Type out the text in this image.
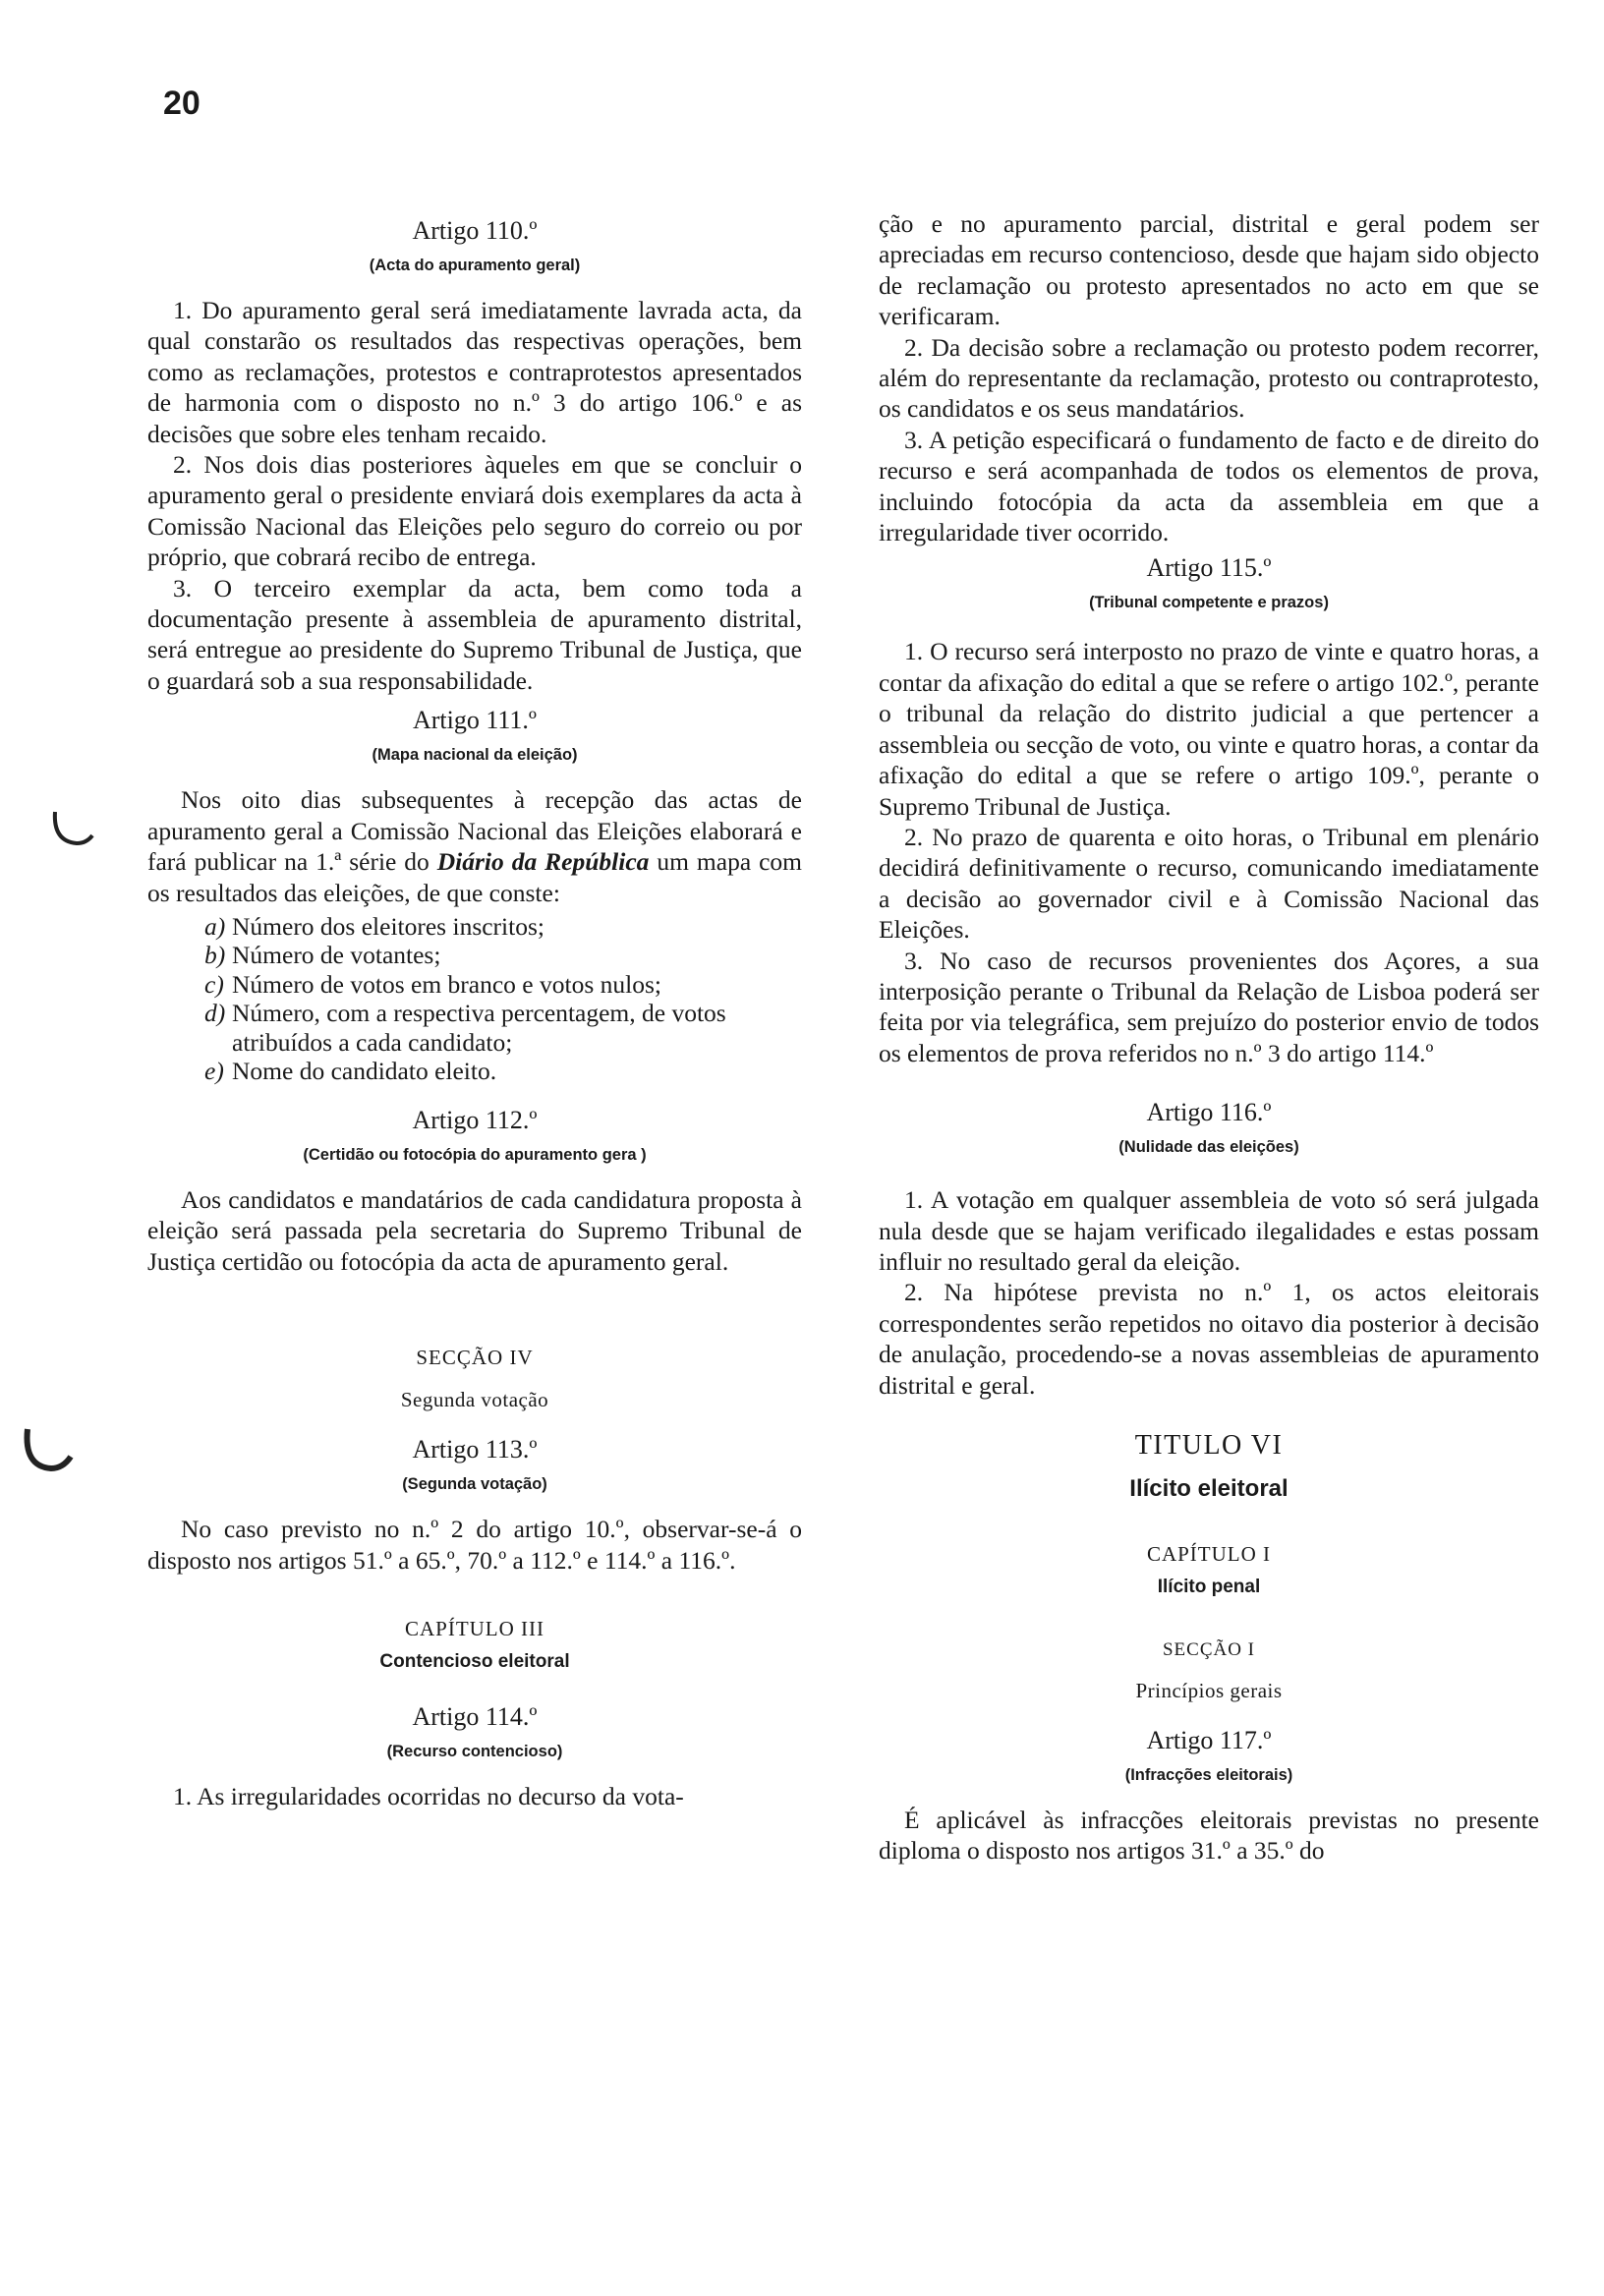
20
Artigo 110.º
(Acta do apuramento geral)

1. Do apuramento geral será imediatamente lavrada acta, da qual constarão os resultados das respectivas operações, bem como as reclamações, protestos e contraprotestos apresentados de harmonia com o disposto no n.º 3 do artigo 106.º e as decisões que sobre eles tenham recaido.

2. Nos dois dias posteriores àqueles em que se concluir o apuramento geral o presidente enviará dois exemplares da acta à Comissão Nacional das Eleições pelo seguro do correio ou por próprio, que cobrará recibo de entrega.

3. O terceiro exemplar da acta, bem como toda a documentação presente à assembleia de apuramento distrital, será entregue ao presidente do Supremo Tribunal de Justiça, que o guardará sob a sua responsabilidade.

Artigo 111.º
(Mapa nacional da eleição)

Nos oito dias subsequentes à recepção das actas de apuramento geral a Comissão Nacional das Eleições elaborará e fará publicar na 1.ª série do Diário da República um mapa com os resultados das eleições, de que conste:

a) Número dos eleitores inscritos;
b) Número de votantes;
c) Número de votos em branco e votos nulos;
d) Número, com a respectiva percentagem, de votos atribuídos a cada candidato;
e) Nome do candidato eleito.
Artigo 112.º
(Certidão ou fotocópia do apuramento gera )

Aos candidatos e mandatários de cada candidatura proposta à eleição será passada pela secretaria do Supremo Tribunal de Justiça certidão ou fotocópia da acta de apuramento geral.

SECÇÃO IV
Segunda votação
Artigo 113.º
(Segunda votação)

No caso previsto no n.º 2 do artigo 10.º, observar-se-á o disposto nos artigos 51.º a 65.º, 70.º a 112.º e 114.º a 116.º.

CAPÍTULO III
Contencioso eleitoral
Artigo 114.º
(Recurso contencioso)

1. As irregularidades ocorridas no decurso da vota-

ção e no apuramento parcial, distrital e geral podem ser apreciadas em recurso contencioso, desde que hajam sido objecto de reclamação ou protesto apresentados no acto em que se verificaram.

2. Da decisão sobre a reclamação ou protesto podem recorrer, além do representante da reclamação, protesto ou contraprotesto, os candidatos e os seus mandatários.

3. A petição especificará o fundamento de facto e de direito do recurso e será acompanhada de todos os elementos de prova, incluindo fotocópia da acta da assembleia em que a irregularidade tiver ocorrido.

Artigo 115.º
(Tribunal competente e prazos)

1. O recurso será interposto no prazo de vinte e quatro horas, a contar da afixação do edital a que se refere o artigo 102.º, perante o tribunal da relação do distrito judicial a que pertencer a assembleia ou secção de voto, ou vinte e quatro horas, a contar da afixação do edital a que se refere o artigo 109.º, perante o Supremo Tribunal de Justiça.

2. No prazo de quarenta e oito horas, o Tribunal em plenário decidirá definitivamente o recurso, comunicando imediatamente a decisão ao governador civil e à Comissão Nacional das Eleições.

3. No caso de recursos provenientes dos Açores, a sua interposição perante o Tribunal da Relação de Lisboa poderá ser feita por via telegráfica, sem prejuízo do posterior envio de todos os elementos de prova referidos no n.º 3 do artigo 114.º

Artigo 116.º
(Nulidade das eleições)

1. A votação em qualquer assembleia de voto só será julgada nula desde que se hajam verificado ilegalidades e estas possam influir no resultado geral da eleição.

2. Na hipótese prevista no n.º 1, os actos eleitorais correspondentes serão repetidos no oitavo dia posterior à decisão de anulação, procedendo-se a novas assembleias de apuramento distrital e geral.

TITULO VI
Ilícito eleitoral
CAPÍTULO I
Ilícito penal
SECÇÃO I
Princípios gerais
Artigo 117.º
(Infracções eleitorais)

É aplicável às infracções eleitorais previstas no presente diploma o disposto nos artigos 31.º a 35.º do
